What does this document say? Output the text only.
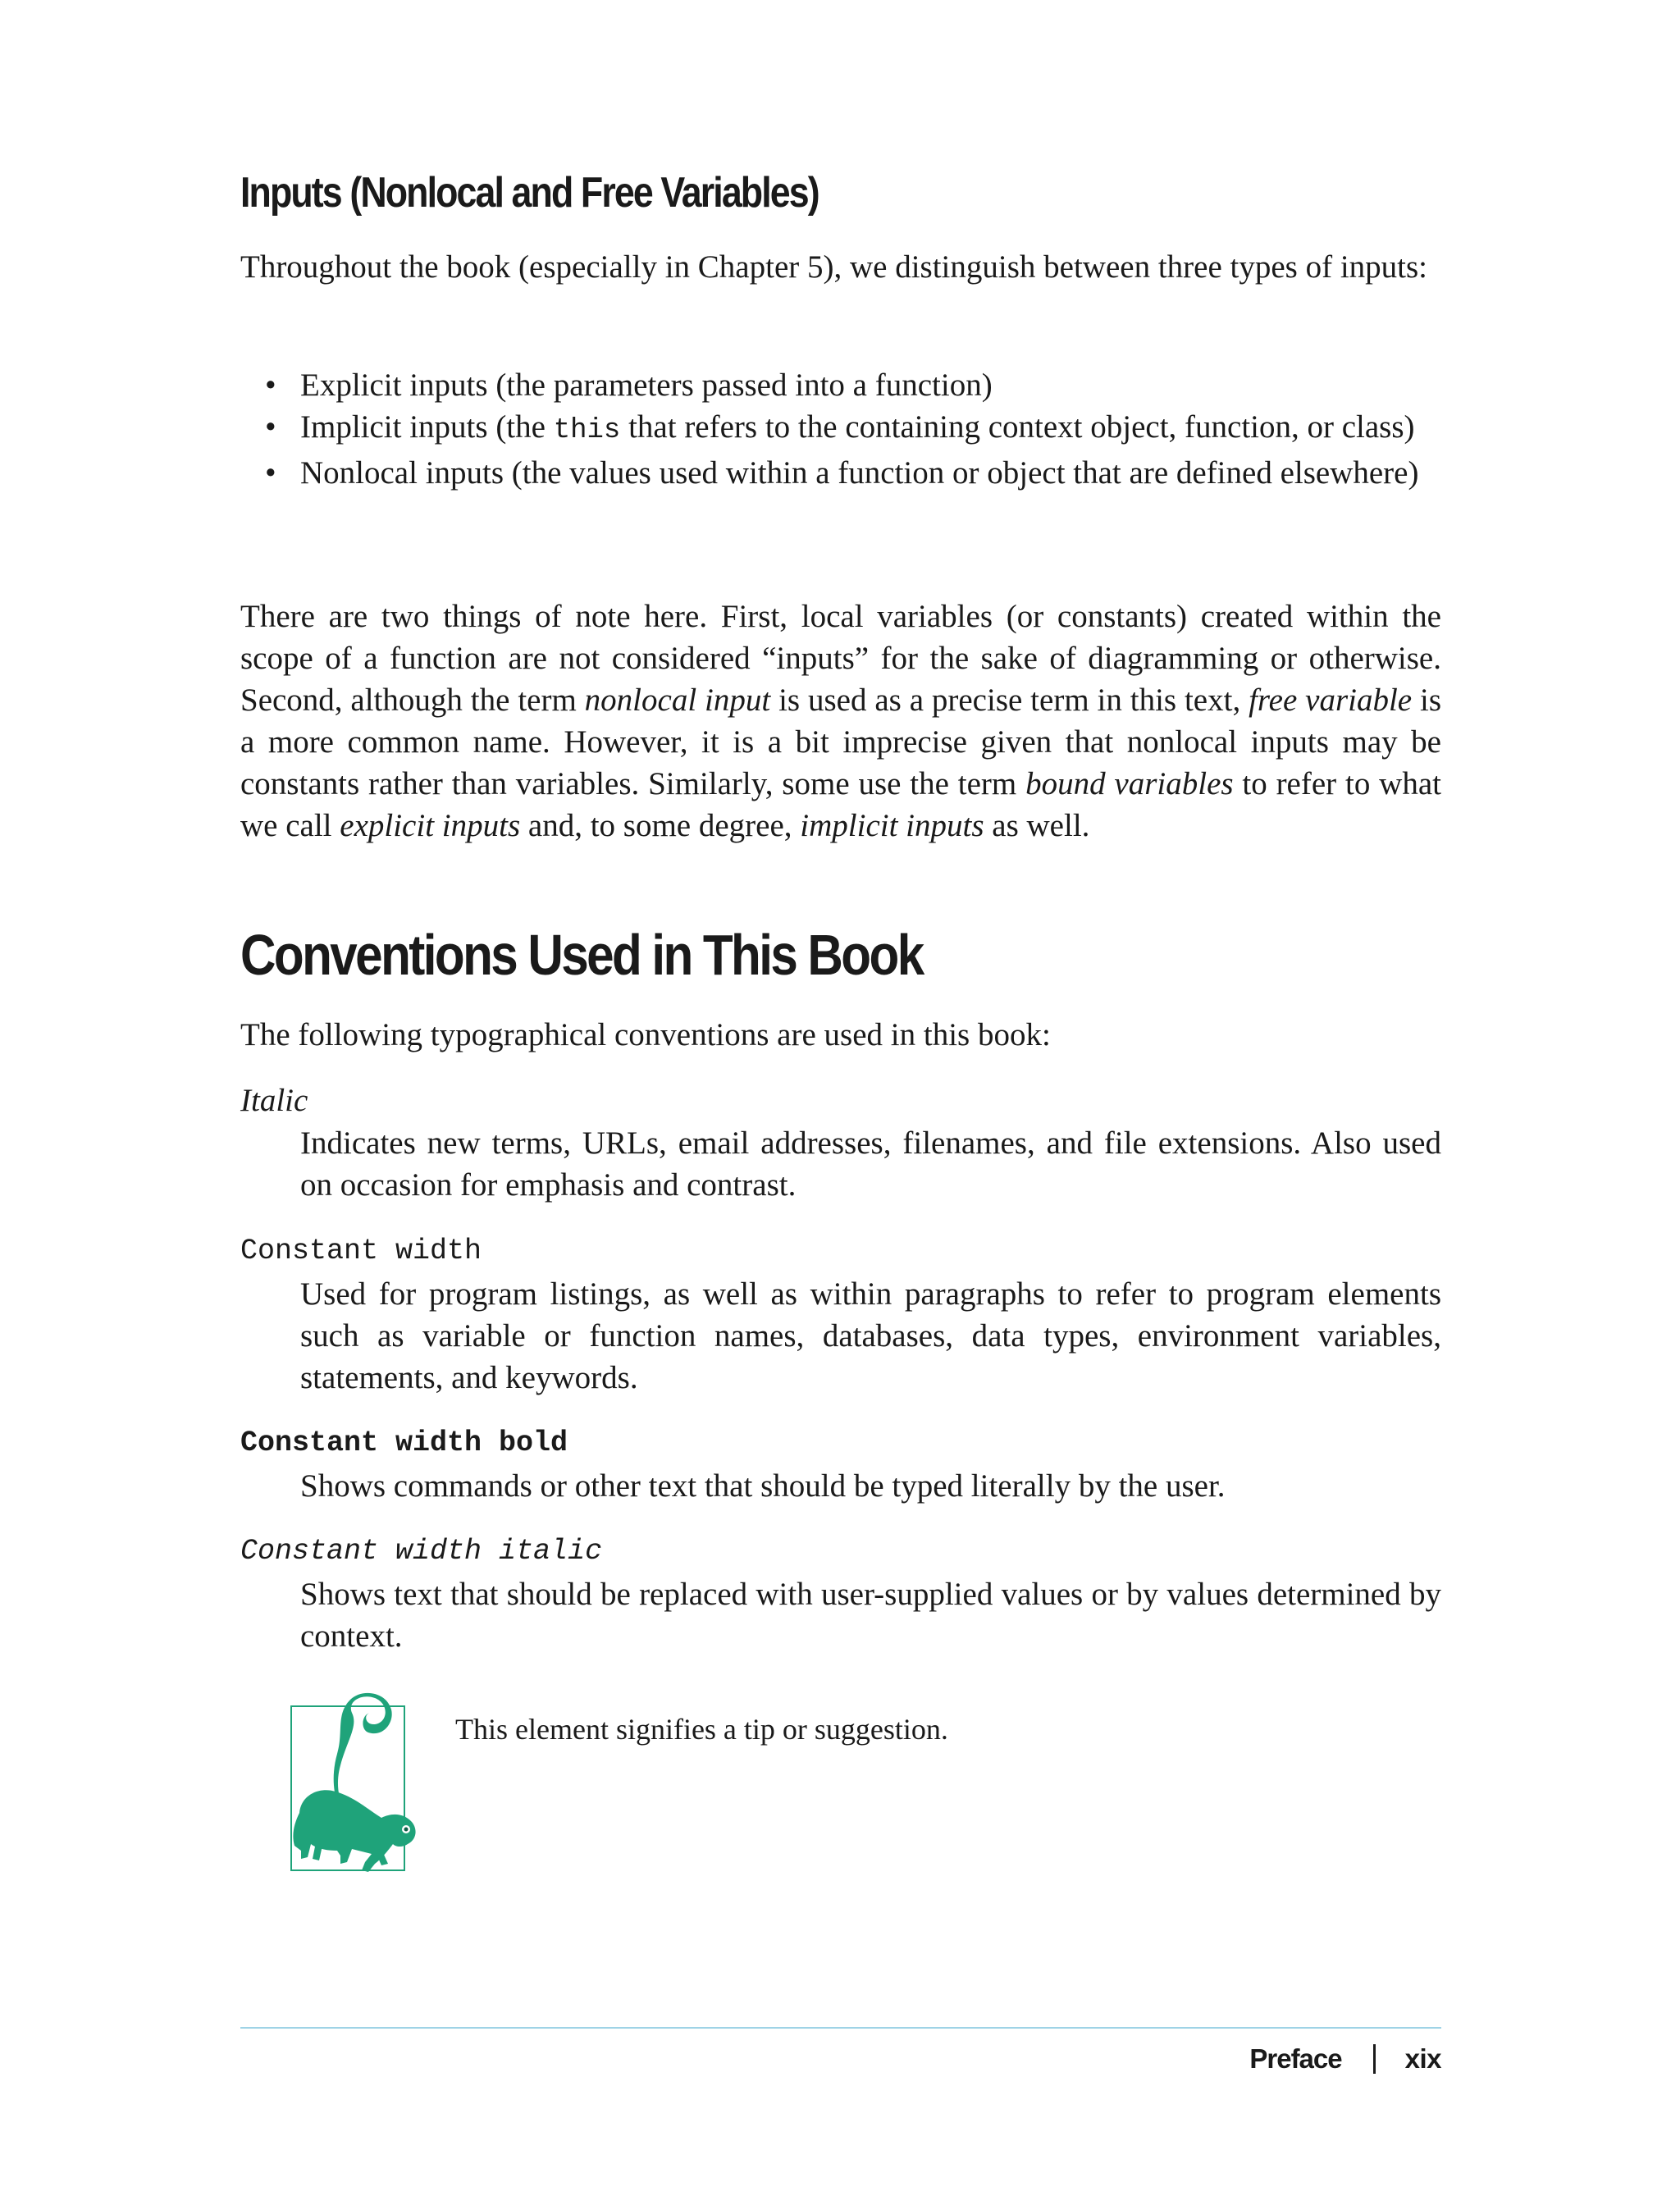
Inputs (Nonlocal and Free Variables)

Throughout the book (especially in Chapter 5), we distinguish between three types of inputs:

• Explicit inputs (the parameters passed into a function)
• Implicit inputs (the this that refers to the containing context object, function, or class)
• Nonlocal inputs (the values used within a function or object that are defined elsewhere)

There are two things of note here. First, local variables (or constants) created within the scope of a function are not considered “inputs” for the sake of diagramming or otherwise. Second, although the term nonlocal input is used as a precise term in this text, free variable is a more common name. However, it is a bit imprecise given that nonlocal inputs may be constants rather than variables. Similarly, some use the term bound variables to refer to what we call explicit inputs and, to some degree, implicit inputs as well.

Conventions Used in This Book

The following typographical conventions are used in this book:

Italic

Indicates new terms, URLs, email addresses, filenames, and file extensions. Also used on occasion for emphasis and contrast.

Constant width

Used for program listings, as well as within paragraphs to refer to program elements such as variable or function names, databases, data types, environment variables, statements, and keywords.

Constant width bold

Shows commands or other text that should be typed literally by the user.

Constant width italic

Shows text that should be replaced with user-supplied values or by values determined by context.

This element signifies a tip or suggestion.

Preface xix
